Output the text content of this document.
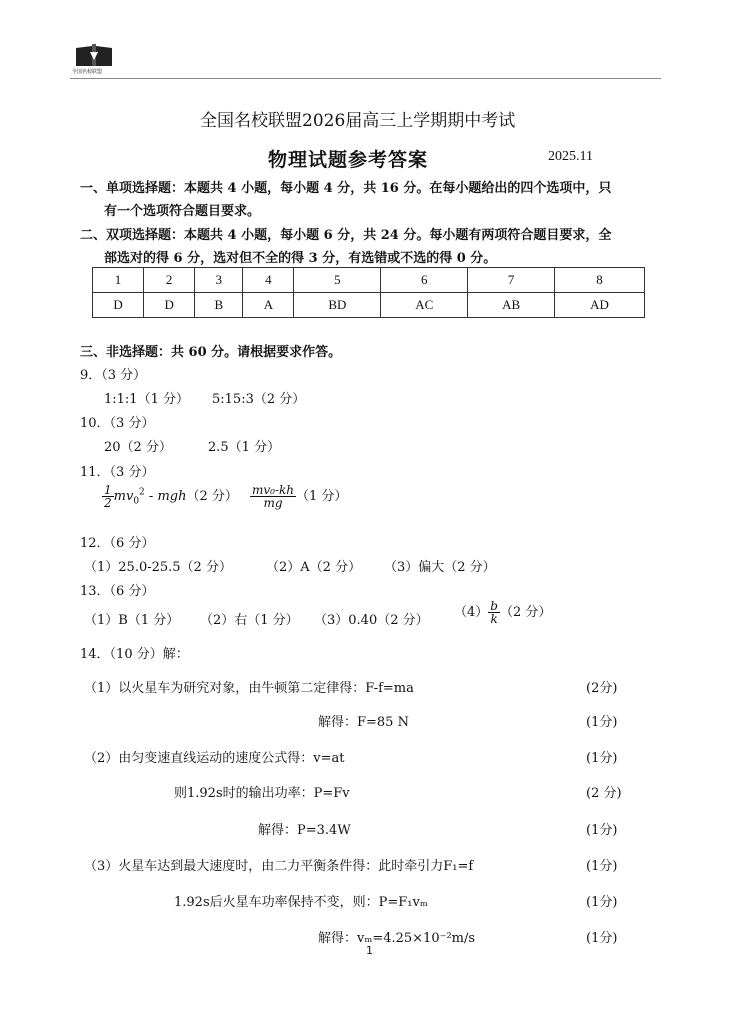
全国名校联盟
全国名校联盟2026届高三上学期期中考试
物理试题参考答案	2025.11
一、单项选择题：本题共 4 小题，每小题 4 分，共 16 分。在每小题给出的四个选项中，只
有一个选项符合题目要求。
二、双项选择题：本题共 4 小题，每小题 6 分，共 24 分。每小题有两项符合题目要求，全
部选对的得 6 分，选对但不全的得 3 分，有选错或不选的得 0 分。
1	2	3	4	5	6	7	8
D	D	B	A	BD	AC	AB	AD
三、非选择题：共 60 分。请根据要求作答。
9．（3 分）
1:1:1（1 分） 5:15:3（2 分）
10．（3 分）
20（2 分）	2.5（1 分）
11．（3 分）
$\frac{1}{2} mv_0^2 - mgh(2$ 分） $\frac{\text{mv₀-kh}}{mg} (1$ 分）
12．（6 分）
（1）25.0-25.5（2 分）	（2）A（2 分） （3）偏大（2 分）
13．（6 分）
（1）B（1 分） （2）右（1 分） （3）0.40（2 分）
$(4) \frac{b}{k} (2$ 分）
14．（10 分）解：
（1）以火星车为研究对象，由牛顿第二定律得：F-f=ma	(2分)
解得：F=85 N	(1分)
（2）由匀变速直线运动的速度公式得：v=at	(1分)
则1.92s时的输出功率：P=Fv	(2 分)
解得：P=3.4W	(1分)
（3）火星车达到最大速度时，由二力平衡条件得：此时牵引力F₁=f	(1分)
1.92s后火星车功率保持不变，则：P=F₁vₘ	(1分)
解得：vₘ=4.25×10⁻²m/s	(1分)
1
